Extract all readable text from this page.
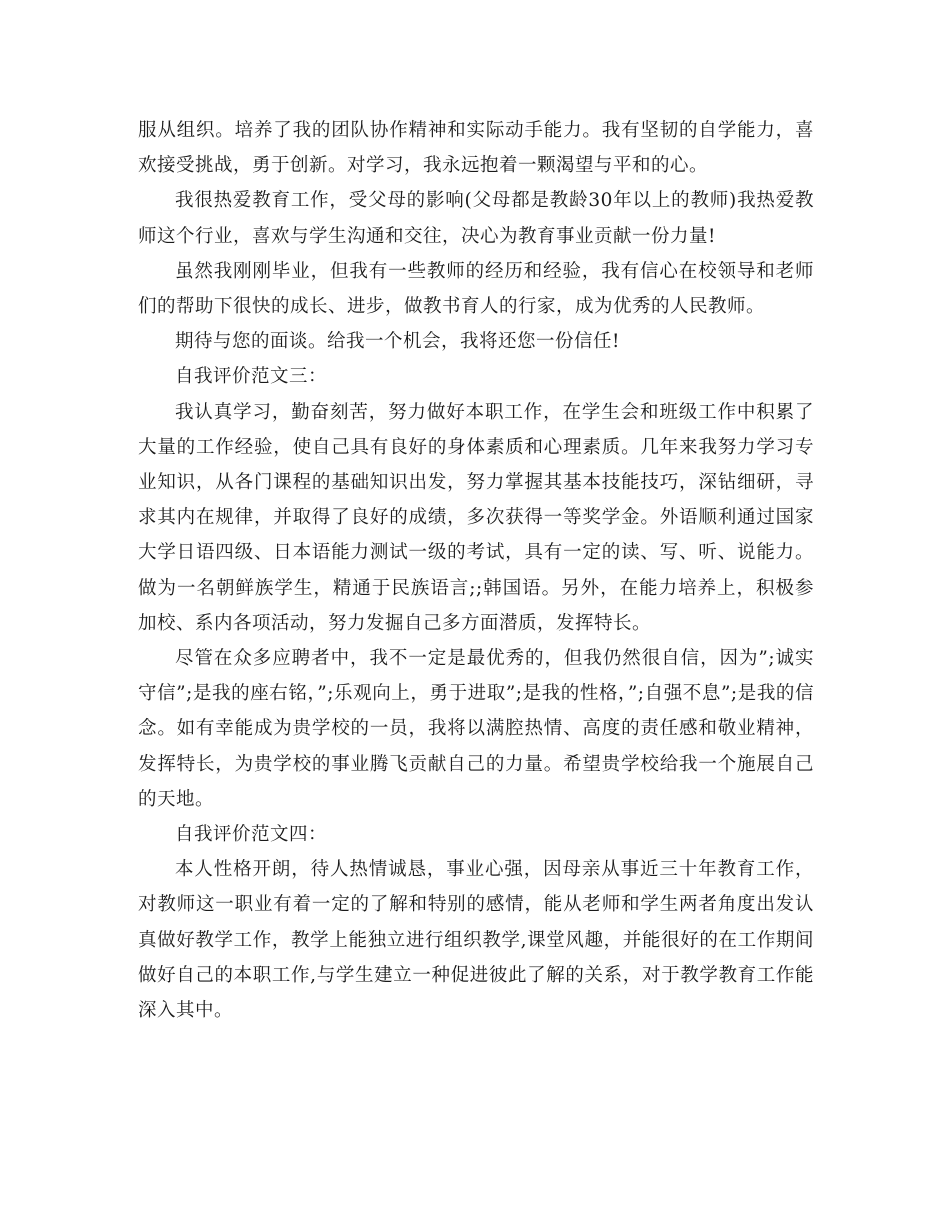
服从组织。培养了我的团队协作精神和实际动手能力。我有坚韧的自学能力，喜欢接受挑战，勇于创新。对学习，我永远抱着一颗渴望与平和的心。

我很热爱教育工作，受父母的影响(父母都是教龄30年以上的教师)我热爱教师这个行业，喜欢与学生沟通和交往，决心为教育事业贡献一份力量!

虽然我刚刚毕业，但我有一些教师的经历和经验，我有信心在校领导和老师们的帮助下很快的成长、进步，做教书育人的行家，成为优秀的人民教师。

期待与您的面谈。给我一个机会，我将还您一份信任!

自我评价范文三：

我认真学习，勤奋刻苦，努力做好本职工作，在学生会和班级工作中积累了大量的工作经验，使自己具有良好的身体素质和心理素质。几年来我努力学习专业知识，从各门课程的基础知识出发，努力掌握其基本技能技巧，深钻细研，寻求其内在规律，并取得了良好的成绩，多次获得一等奖学金。外语顺利通过国家大学日语四级、日本语能力测试一级的考试，具有一定的读、写、听、说能力。做为一名朝鲜族学生，精通于民族语言;;韩国语。另外，在能力培养上，积极参加校、系内各项活动，努力发掘自己多方面潜质，发挥特长。

尽管在众多应聘者中，我不一定是最优秀的，但我仍然很自信，因为”;诚实守信”;是我的座右铭，”;乐观向上，勇于进取”;是我的性格，”;自强不息”;是我的信念。如有幸能成为贵学校的一员，我将以满腔热情、高度的责任感和敬业精神，发挥特长，为贵学校的事业腾飞贡献自己的力量。希望贵学校给我一个施展自己的天地。

自我评价范文四：

本人性格开朗，待人热情诚恳，事业心强，因母亲从事近三十年教育工作，对教师这一职业有着一定的了解和特别的感情，能从老师和学生两者角度出发认真做好教学工作，教学上能独立进行组织教学,课堂风趣，并能很好的在工作期间做好自己的本职工作,与学生建立一种促进彼此了解的关系，对于教学教育工作能深入其中。
